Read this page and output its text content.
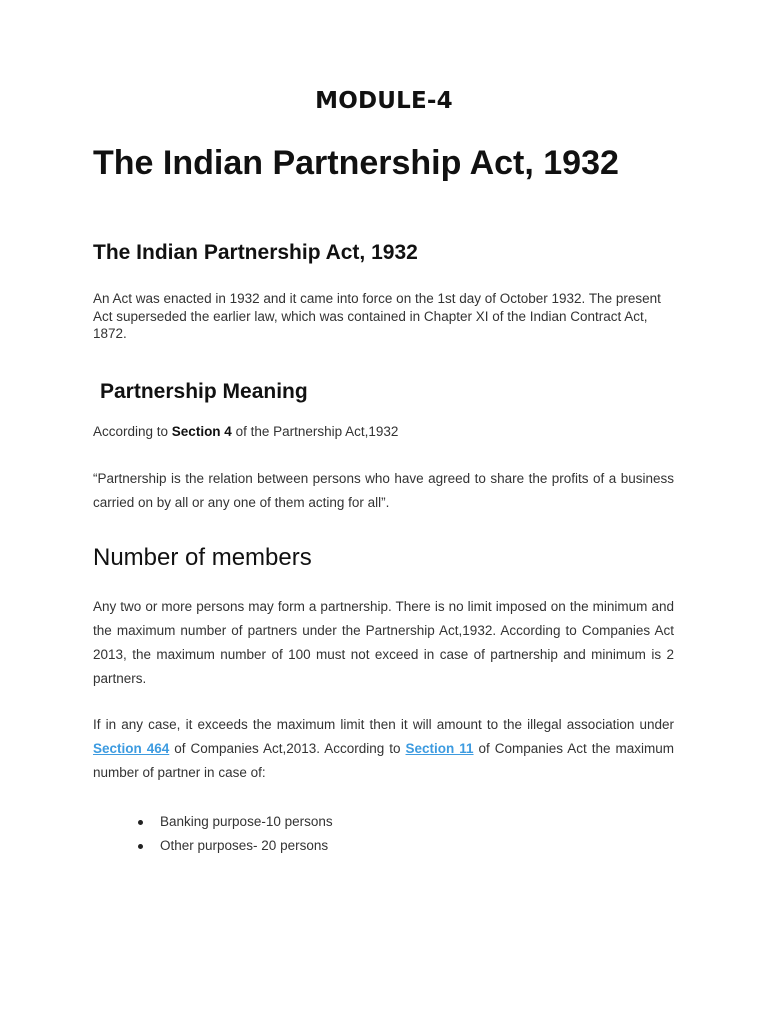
MODULE-4
The Indian Partnership Act, 1932
The Indian Partnership Act, 1932

An Act was enacted in 1932 and it came into force on the 1st day of October 1932. The present Act superseded the earlier law, which was contained in Chapter XI of the Indian Contract Act, 1872.

Partnership Meaning

According to Section 4 of the Partnership Act,1932

“Partnership is the relation between persons who have agreed to share the profits of a business carried on by all or any one of them acting for all”.

Number of members

Any two or more persons may form a partnership. There is no limit imposed on the minimum and the maximum number of partners under the Partnership Act,1932. According to Companies Act 2013, the maximum number of 100 must not exceed in case of partnership and minimum is 2 partners.

If in any case, it exceeds the maximum limit then it will amount to the illegal association under Section 464 of Companies Act,2013. According to Section 11 of Companies Act the maximum number of partner in case of:

Banking purpose-10 persons
Other purposes- 20 persons
